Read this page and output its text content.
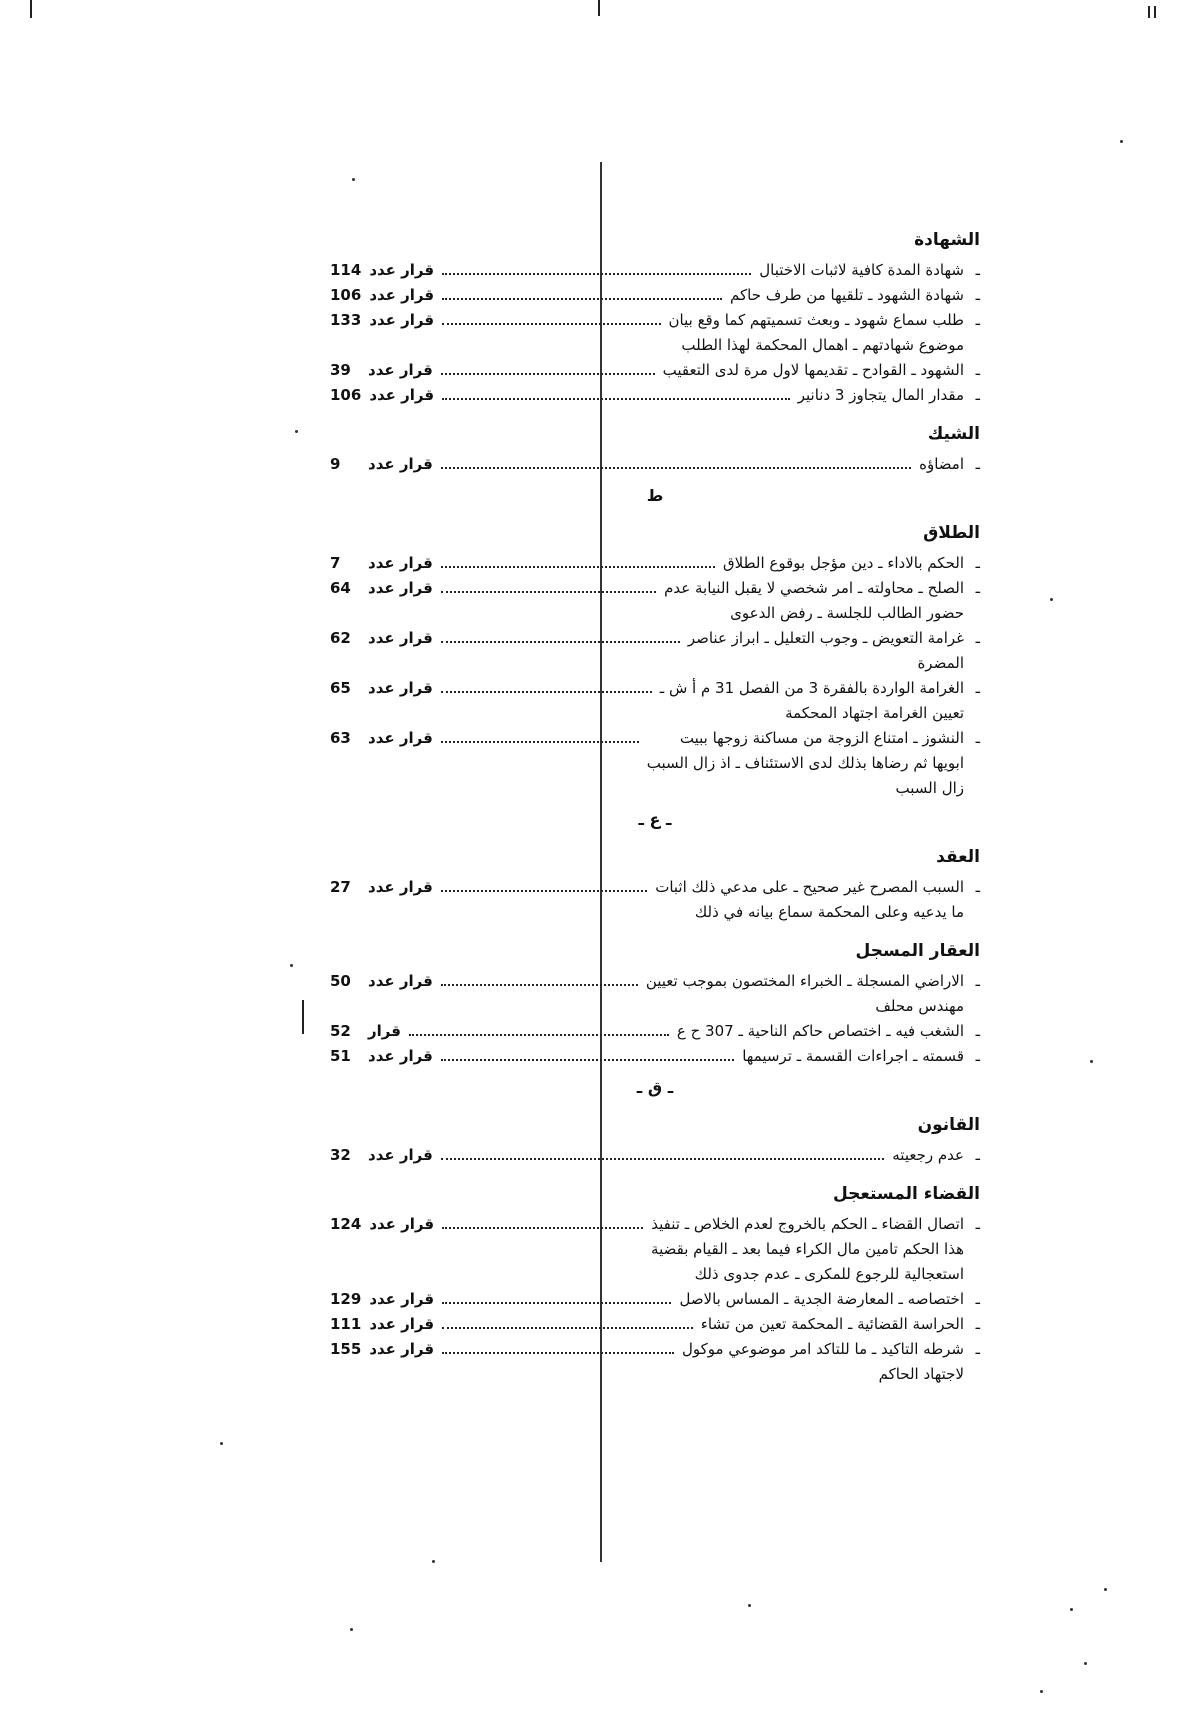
الشهادة
ـ شهادة المدة كافية لاثبات الاختبال
قرار عدد114
ـ شهادة الشهود ـ تلقيها من طرف حاكم
قرار عدد106
ـ طلب سماع شهود ـ وبعث تسميتهم كما وقع بيان
موضوع شهادتهم ـ اهمال المحكمة لهذا الطلب
قرار عدد133
ـ الشهود ـ القوادح ـ تقديمها لاول مرة لدى التعقيب
قرار عدد39
ـ مقدار المال يتجاوز 3 دنانير
قرار عدد106
الشيك
ـ امضاؤه
قرار عدد9
ط
الطلاق
ـ الحكم بالاداء ـ دين مؤجل بوقوع الطلاق
قرار عدد7
ـ الصلح ـ محاولته ـ امر شخصي لا يقبل النيابة عدم
حضور الطالب للجلسة ـ رفض الدعوى
قرار عدد64
ـ غرامة التعويض ـ وجوب التعليل ـ ابراز عناصر
المضرة
قرار عدد62
ـ الغرامة الواردة بالفقرة 3 من الفصل 31 م أ ش ـ
تعيين الغرامة اجتهاد المحكمة
قرار عدد65
ـ النشوز ـ امتناع الزوجة من مساكنة زوجها ببيت
ابويها ثم رضاها بذلك لدى الاستئناف ـ اذ زال السبب
زال السبب
قرار عدد63
ـ ع ـ
العقد
ـ السبب المصرح غير صحيح ـ على مدعي ذلك اثبات
ما يدعيه وعلى المحكمة سماع بيانه في ذلك
قرار عدد27
العقار المسجل
ـ الاراضي المسجلة ـ الخبراء المختصون بموجب تعيين
مهندس محلف
قرار عدد50
ـ الشغب فيه ـ اختصاص حاكم الناحية ـ 307 ح ع
قرار52
ـ قسمته ـ اجراءات القسمة ـ ترسيمها
قرار عدد51
ـ ق ـ
القانون
ـ عدم رجعيته
قرار عدد32
القضاء المستعجل
ـ اتصال القضاء ـ الحكم بالخروج لعدم الخلاص ـ تنفيذ
هذا الحكم تامين مال الكراء فيما بعد ـ القيام بقضية
استعجالية للرجوع للمكرى ـ عدم جدوى ذلك
قرار عدد124
ـ اختصاصه ـ المعارضة الجدية ـ المساس بالاصل
قرار عدد129
ـ الحراسة القضائية ـ المحكمة تعين من تشاء
قرار عدد111
ـ شرطه التاكيد ـ ما للتاكد امر موضوعي موكول
لاجتهاد الحاكم
قرار عدد155
